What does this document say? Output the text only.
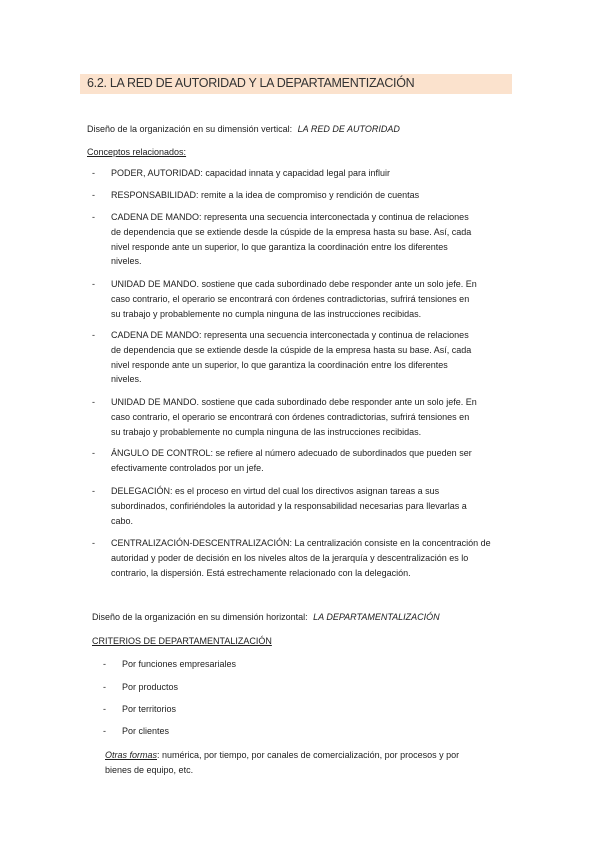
6.2. LA RED DE AUTORIDAD Y LA DEPARTAMENTIZACIÓN
Diseño de la organización en su dimensión vertical: LA RED DE AUTORIDAD
Conceptos relacionados:
- PODER, AUTORIDAD: capacidad innata y capacidad legal para influir
- RESPONSABILIDAD: remite a la idea de compromiso y rendición de cuentas
- CADENA DE MANDO: representa una secuencia interconectada y continua de relaciones
de dependencia que se extiende desde la cúspide de la empresa hasta su base. Así, cada
nivel responde ante un superior, lo que garantiza la coordinación entre los diferentes
niveles.
- UNIDAD DE MANDO. sostiene que cada subordinado debe responder ante un solo jefe. En
caso contrario, el operario se encontrará con órdenes contradictorias, sufrirá tensiones en
su trabajo y probablemente no cumpla ninguna de las instrucciones recibidas.
- CADENA DE MANDO: representa una secuencia interconectada y continua de relaciones
de dependencia que se extiende desde la cúspide de la empresa hasta su base. Así, cada
nivel responde ante un superior, lo que garantiza la coordinación entre los diferentes
niveles.
- UNIDAD DE MANDO. sostiene que cada subordinado debe responder ante un solo jefe. En
caso contrario, el operario se encontrará con órdenes contradictorias, sufrirá tensiones en
su trabajo y probablemente no cumpla ninguna de las instrucciones recibidas.
- ÁNGULO DE CONTROL: se refiere al número adecuado de subordinados que pueden ser
efectivamente controlados por un jefe.
- DELEGACIÓN: es el proceso en virtud del cual los directivos asignan tareas a sus
subordinados, confiriéndoles la autoridad y la responsabilidad necesarias para llevarlas a
cabo.
- CENTRALIZACIÓN-DESCENTRALIZACIÓN: La centralización consiste en la concentración de
autoridad y poder de decisión en los niveles altos de la jerarquía y descentralización es lo
contrario, la dispersión. Está estrechamente relacionado con la delegación.
Diseño de la organización en su dimensión horizontal: LA DEPARTAMENTALIZACIÓN
CRITERIOS DE DEPARTAMENTALIZACIÓN
- Por funciones empresariales
- Por productos
- Por territorios
- Por clientes
Otras formas: numérica, por tiempo, por canales de comercialización, por procesos y por
bienes de equipo, etc.
